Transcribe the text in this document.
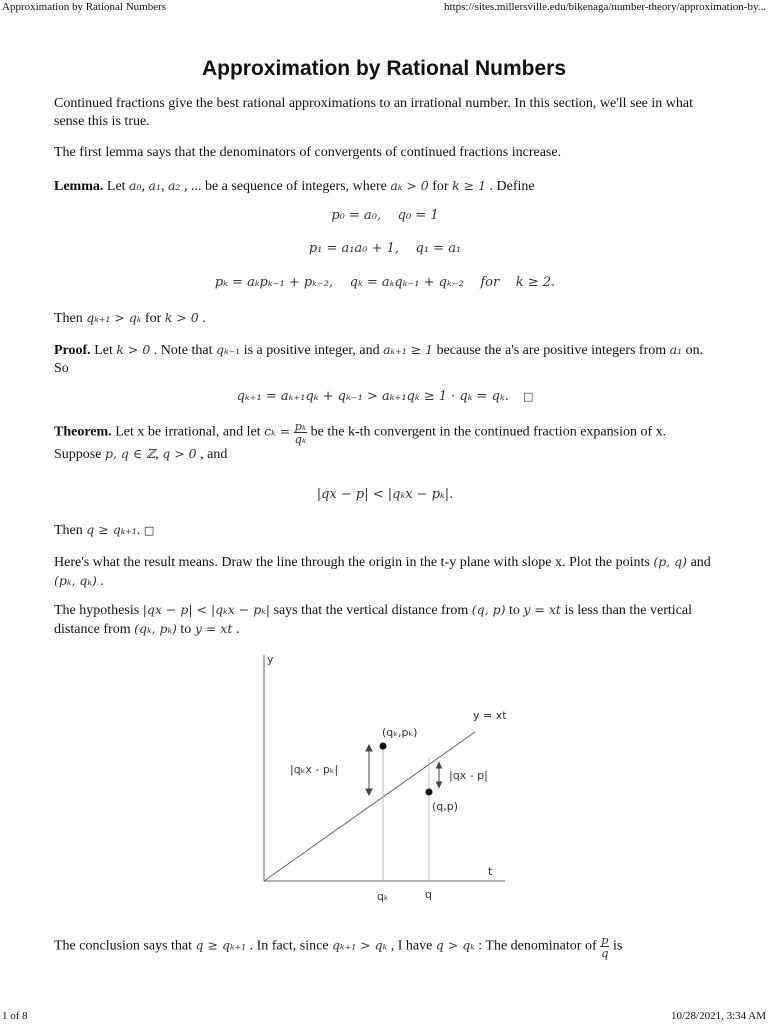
Approximation by Rational Numbers	https://sites.millersville.edu/bikenaga/number-theory/approximation-by...
Approximation by Rational Numbers
Continued fractions give the best rational approximations to an irrational number. In this section, we'll see in what sense this is true.
The first lemma says that the denominators of convergents of continued fractions increase.
Lemma. Let a₀, a₁, a₂ , ... be a sequence of integers, where aₖ > 0 for k ≥ 1 . Define
p₀ = a₀,    q₀ = 1
p₁ = a₁a₀ + 1,    q₁ = a₁
pₖ = aₖpₖ₋₁ + pₖ₋₂,    qₖ = aₖqₖ₋₁ + qₖ₋₂    for    k ≥ 2.
Then qₖ₊₁ > qₖ for k > 0 .
Proof. Let k > 0 . Note that qₖ₋₁ is a positive integer, and aₖ₊₁ ≥ 1 because the a's are positive integers from a₁ on. So
qₖ₊₁ = aₖ₊₁qₖ + qₖ₋₁ > aₖ₊₁qₖ ≥ 1 · qₖ = qₖ. □
Theorem. Let x be irrational, and let $c_k = \frac{\text{pₖ}}{\text{qₖ}}$ be the k-th convergent in the continued fraction expansion of x. Suppose p, q ∈ ℤ, q > 0 , and
|qx − p| < |qₖx − pₖ|.
Then q ≥ qₖ₊₁. □
Here's what the result means. Draw the line through the origin in the t-y plane with slope x. Plot the points (p, q) and (pₖ, qₖ) .
The hypothesis |qx − p| < |qₖx − pₖ| says that the vertical distance from (q, p) to y = xt is less than the vertical distance from (qₖ, pₖ) to y = xt .
y
t
y = xt
(qₖ,pₖ)
(q,p)
|qₖx - pₖ|	|qx - p|
qₖ	q
The conclusion says that q ≥ qₖ₊₁ . In fact, since qₖ₊₁ > qₖ , I have q > qₖ : The denominator of $\frac{p}{q}$ is
1 of 8	10/28/2021, 3:34 AM
